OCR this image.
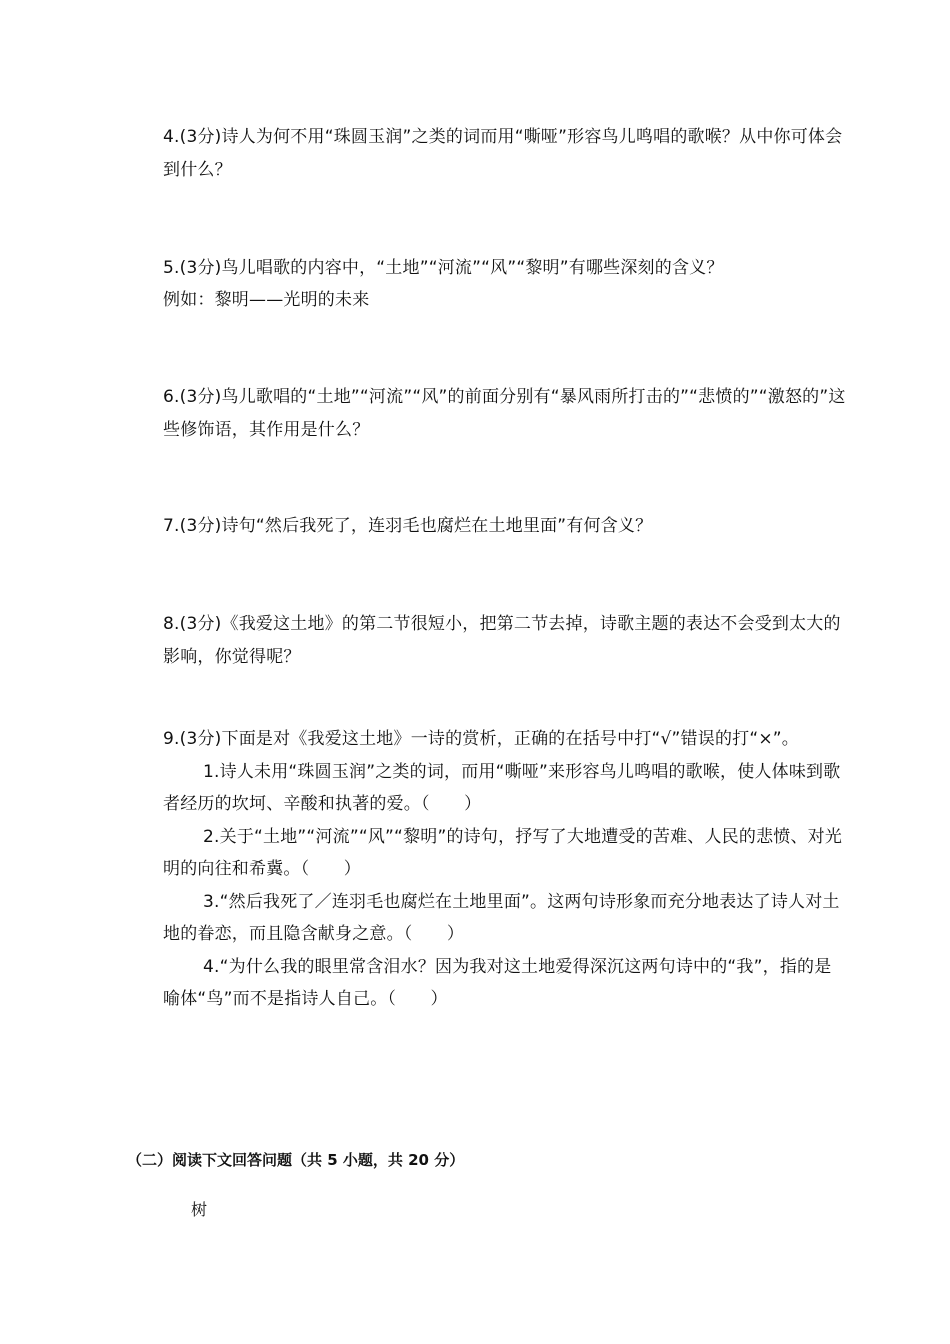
4.(3分)诗人为何不用“珠圆玉润”之类的词而用“嘶哑”形容鸟儿鸣唱的歌喉？从中你可体会
到什么？
5.(3分)鸟儿唱歌的内容中，“土地”“河流”“风”“黎明”有哪些深刻的含义？
例如：黎明——光明的未来
6.(3分)鸟儿歌唱的“土地”“河流”“风”的前面分别有“暴风雨所打击的”“悲愤的”“激怒的”这
些修饰语，其作用是什么？
7.(3分)诗句“然后我死了，连羽毛也腐烂在土地里面”有何含义？
8.(3分)《我爱这土地》的第二节很短小，把第二节去掉，诗歌主题的表达不会受到太大的
影响，你觉得呢？
9.(3分)下面是对《我爱这土地》一诗的赏析，正确的在括号中打“√”错误的打“×”。
1.诗人未用“珠圆玉润”之类的词，而用“嘶哑”来形容鸟儿鸣唱的歌喉，使人体味到歌
者经历的坎坷、辛酸和执著的爱。（　　）
2.关于“土地”“河流”“风”“黎明”的诗句，抒写了大地遭受的苦难、人民的悲愤、对光
明的向往和希冀。（　　）
3.“然后我死了／连羽毛也腐烂在土地里面”。这两句诗形象而充分地表达了诗人对土
地的眷恋，而且隐含献身之意。（　　）
4.“为什么我的眼里常含泪水？因为我对这土地爱得深沉这两句诗中的“我”，指的是
喻体“鸟”而不是指诗人自己。（　　）
（二）阅读下文回答问题（共 5 小题，共 20 分）
树
